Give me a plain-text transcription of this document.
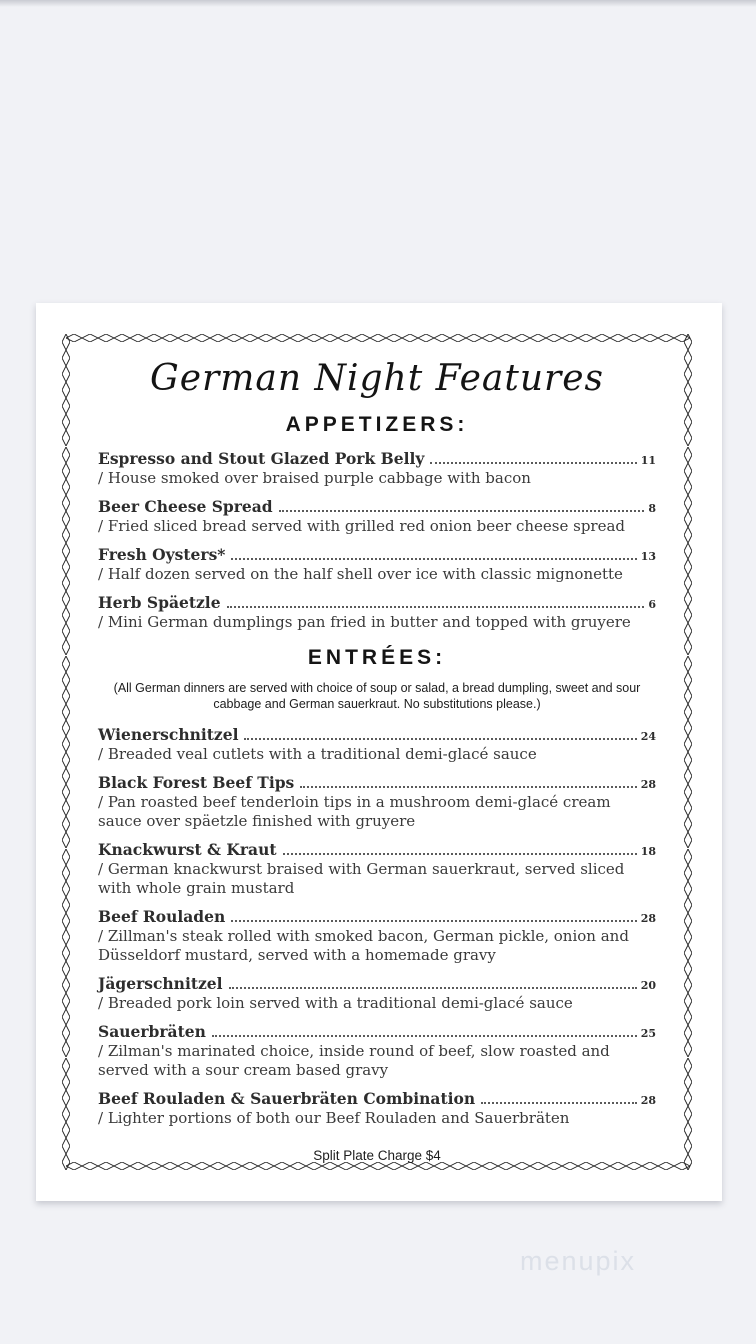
German Night Features
APPETIZERS:
Espresso and Stout Glazed Pork Belly	11
/ House smoked over braised purple cabbage with bacon
Beer Cheese Spread	8
/ Fried sliced bread served with grilled red onion beer cheese spread
Fresh Oysters*	13
/ Half dozen served on the half shell over ice with classic mignonette
Herb Späetzle	6
/ Mini German dumplings pan fried in butter and topped with gruyere
ENTRÉES:
(All German dinners are served with choice of soup or salad, a bread dumpling, sweet and sour cabbage and German sauerkraut. No substitutions please.)
Wienerschnitzel	24
/ Breaded veal cutlets with a traditional demi-glacé sauce
Black Forest Beef Tips	28
/ Pan roasted beef tenderloin tips in a mushroom demi-glacé cream sauce over späetzle finished with gruyere
Knackwurst & Kraut	18
/ German knackwurst braised with German sauerkraut, served sliced with whole grain mustard
Beef Rouladen	28
/ Zillman's steak rolled with smoked bacon, German pickle, onion and Düsseldorf mustard, served with a homemade gravy
Jägerschnitzel	20
/ Breaded pork loin served with a traditional demi-glacé sauce
Sauerbräten	25
/ Zilman's marinated choice, inside round of beef, slow roasted and served with a sour cream based gravy
Beef Rouladen & Sauerbräten Combination	28
/ Lighter portions of both our Beef Rouladen and Sauerbräten
Split Plate Charge $4
menupix
